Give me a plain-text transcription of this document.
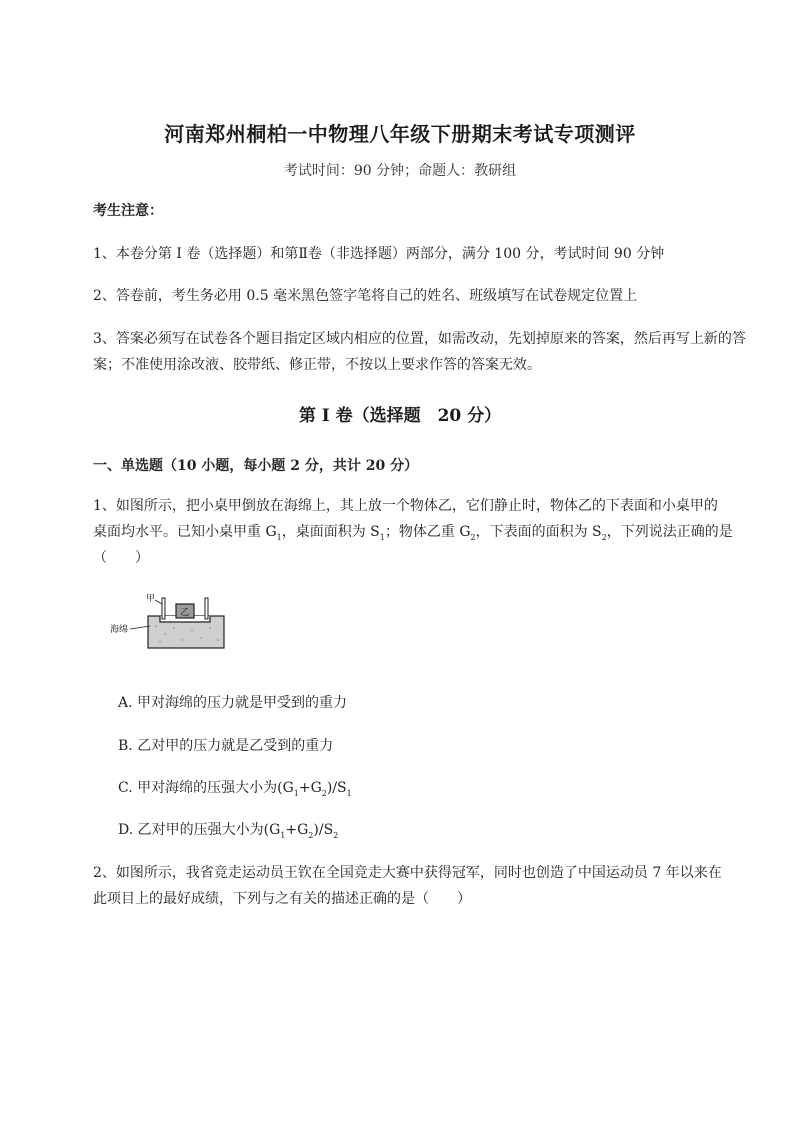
河南郑州桐柏一中物理八年级下册期末考试专项测评
考试时间：90 分钟；命题人：教研组
考生注意：
1、本卷分第 I 卷（选择题）和第Ⅱ卷（非选择题）两部分，满分 100 分，考试时间 90 分钟
2、答卷前，考生务必用 0.5 毫米黑色签字笔将自己的姓名、班级填写在试卷规定位置上
3、答案必须写在试卷各个题目指定区域内相应的位置，如需改动，先划掉原来的答案，然后再写上新的答案；不准使用涂改液、胶带纸、修正带，不按以上要求作答的答案无效。
第 I 卷（选择题　20 分）
一、单选题（10 小题，每小题 2 分，共计 20 分）
1、如图所示，把小桌甲倒放在海绵上，其上放一个物体乙，它们静止时，物体乙的下表面和小桌甲的
桌面均水平。已知小桌甲重 $G_1$，桌面面积为 $S_1$；物体乙重 $G_2$，下表面的面积为 $S_2$，下列说法正确的是
（　　）
乙
甲
海绵
A. 甲对海绵的压力就是甲受到的重力
B. 乙对甲的压力就是乙受到的重力
C. 甲对海绵的压强大小为$(G_1+G_2)/S_1$
D. 乙对甲的压强大小为$(G_1+G_2)/S_2$
2、如图所示，我省竞走运动员王钦在全国竞走大赛中获得冠军，同时也创造了中国运动员 7 年以来在
此项目上的最好成绩，下列与之有关的描述正确的是（　　）
